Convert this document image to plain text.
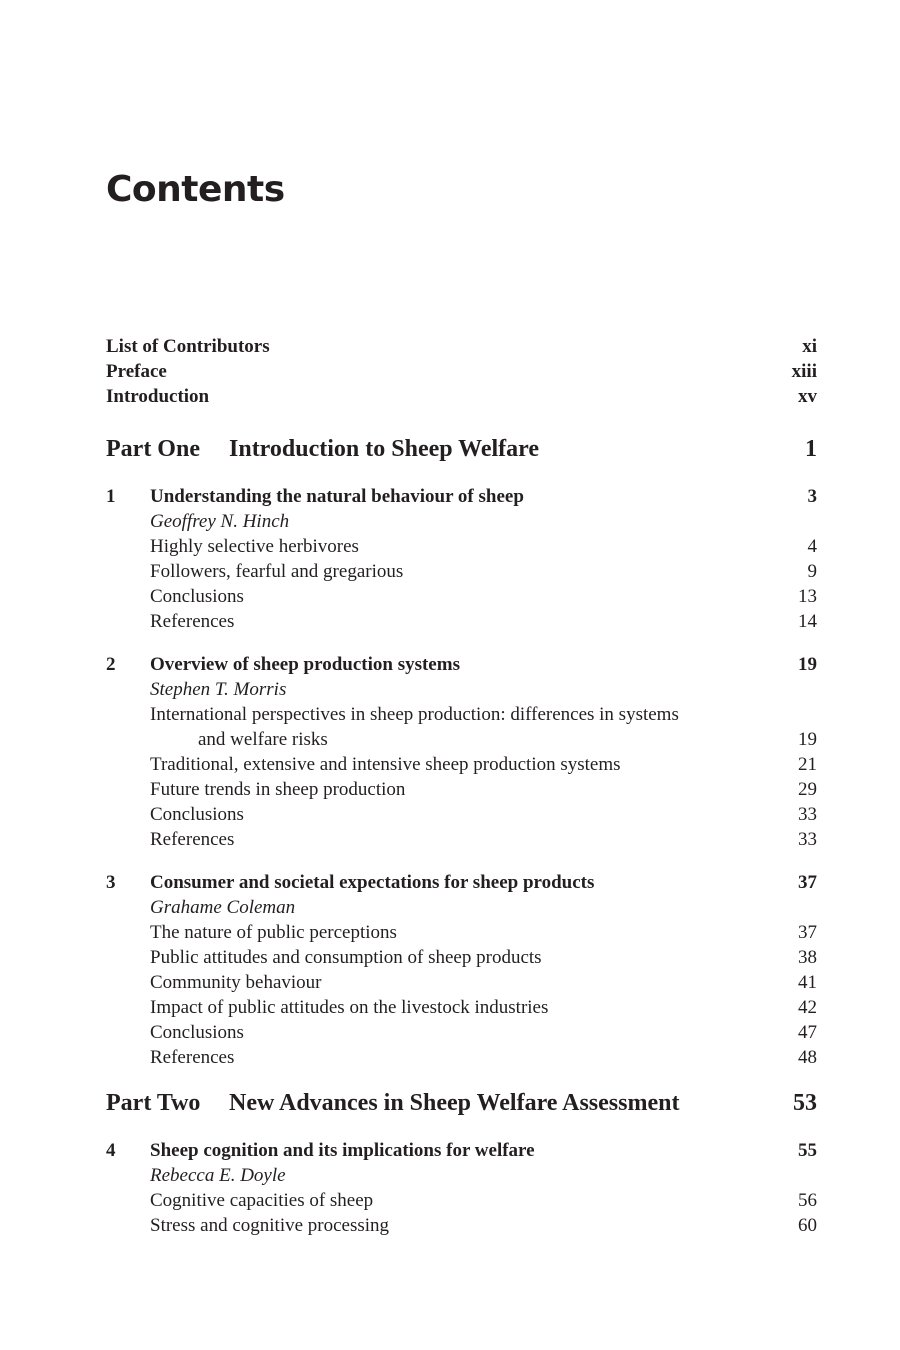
Contents
List of Contributors	xi
Preface	xiii
Introduction	xv
Part One Introduction to Sheep Welfare	1
1	Understanding the natural behaviour of sheep	3
Geoffrey N. Hinch
Highly selective herbivores	4
Followers, fearful and gregarious	9
Conclusions	13
References	14
2	Overview of sheep production systems	19
Stephen T. Morris
International perspectives in sheep production: differences in systems
and welfare risks	19
Traditional, extensive and intensive sheep production systems	21
Future trends in sheep production	29
Conclusions	33
References	33
3	Consumer and societal expectations for sheep products	37
Grahame Coleman
The nature of public perceptions	37
Public attitudes and consumption of sheep products	38
Community behaviour	41
Impact of public attitudes on the livestock industries	42
Conclusions	47
References	48
Part Two New Advances in Sheep Welfare Assessment	53
4	Sheep cognition and its implications for welfare	55
Rebecca E. Doyle
Cognitive capacities of sheep	56
Stress and cognitive processing	60
